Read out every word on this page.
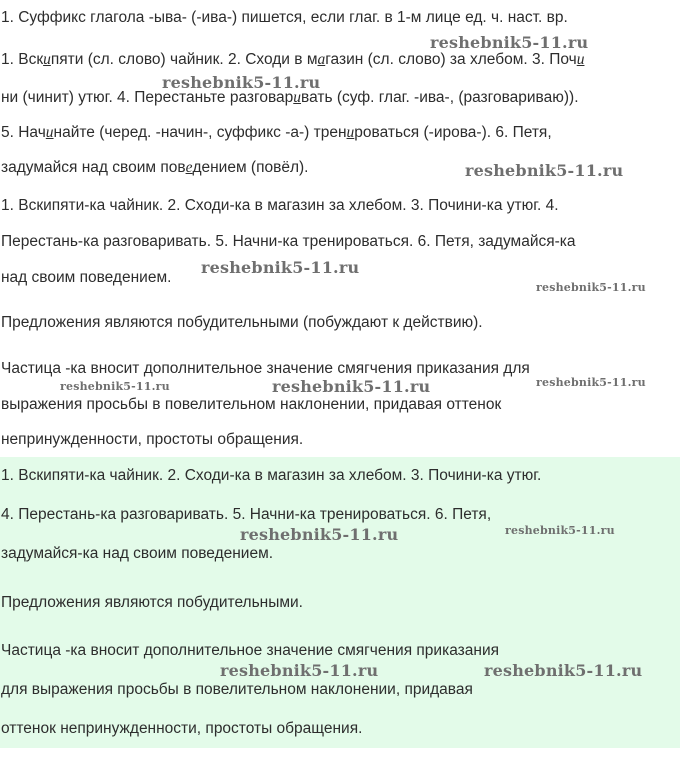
1. Суффикс глагола -ыва- (-ива-) пишется, если глаг. в 1-м лице ед. ч. наст. вр.
1. Вскипяти (сл. слово) чайник. 2. Сходи в магазин (сл. слово) за хлебом. 3. Почи
ни (чинит) утюг. 4. Перестаньте разговаривать (суф. глаг. -ива-, (разговариваю)).
5. Начинайте (черед. -начин-, суффикс -а-) тренироваться (-ирова-). 6. Петя,
задумайся над своим поведением (повёл).
1. Вскипяти-ка чайник. 2. Сходи-ка в магазин за хлебом. 3. Почини-ка утюг. 4.
Перестань-ка разговаривать. 5. Начни-ка тренироваться. 6. Петя, задумайся-ка
над своим поведением.
Предложения являются побудительными (побуждают к действию).
Частица -ка вносит дополнительное значение смягчения приказания для
выражения просьбы в повелительном наклонении, придавая оттенок
непринужденности, простоты обращения.
1. Вскипяти-ка чайник. 2. Сходи-ка в магазин за хлебом. 3. Почини-ка утюг.
4. Перестань-ка разговаривать. 5. Начни-ка тренироваться. 6. Петя,
задумайся-ка над своим поведением.
Предложения являются побудительными.
Частица -ка вносит дополнительное значение смягчения приказания
для выражения просьбы в повелительном наклонении, придавая
оттенок непринужденности, простоты обращения.
reshebnik5-11.ru
reshebnik5-11.ru
reshebnik5-11.ru
reshebnik5-11.ru
reshebnik5-11.ru
reshebnik5-11.ru	reshebnik5-11.ru	reshebnik5-11.ru
reshebnik5-11.ru	reshebnik5-11.ru
reshebnik5-11.ru	reshebnik5-11.ru
